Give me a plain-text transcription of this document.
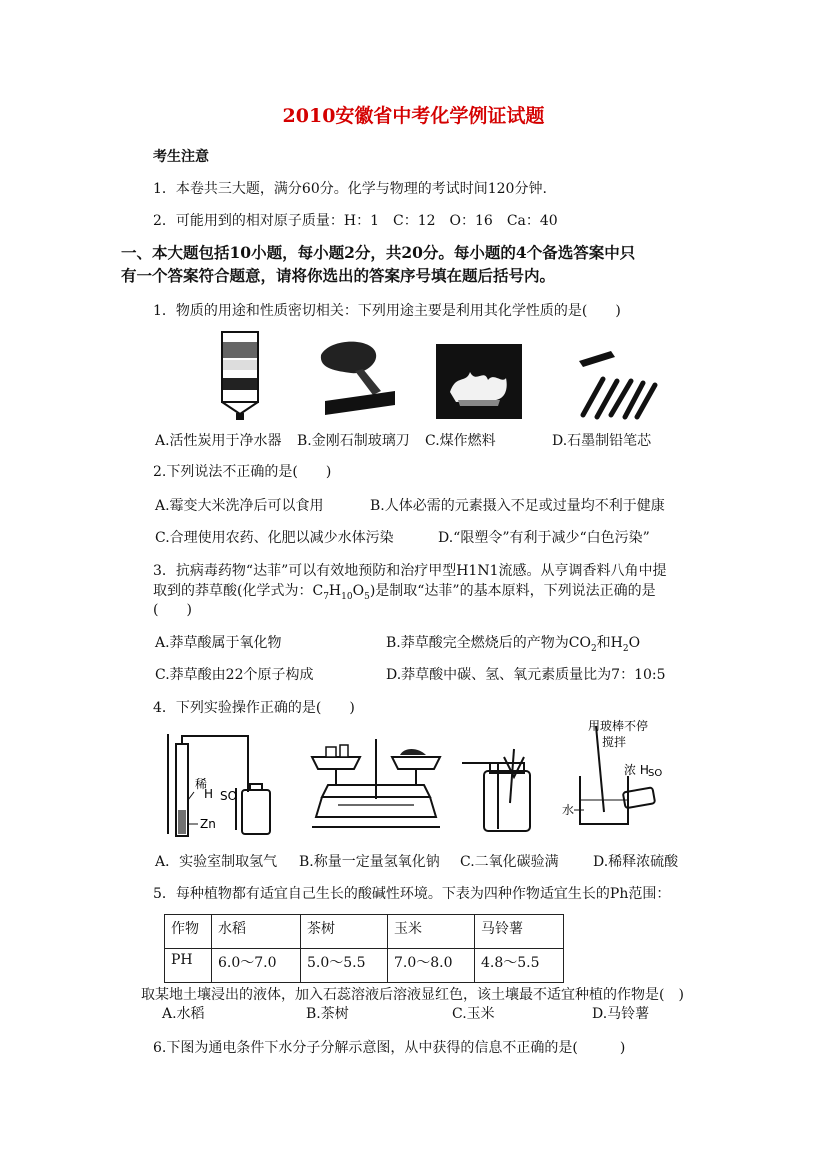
2010安徽省中考化学例证试题
考生注意
1．本卷共三大题，满分60分。化学与物理的考试时间120分钟.
2．可能用到的相对原子质量：H：1　C：12　O：16　Ca：40
一、本大题包括10小题，每小题2分，共20分。每小题的4个备选答案中只
有一个答案符合题意，请将你选出的答案序号填在题后括号内。
1．物质的用途和性质密切相关：下列用途主要是利用其化学性质的是(　　)
A.活性炭用于净水器 B.金刚石制玻璃刀 C.煤作燃料	D.石墨制铅笔芯
2.下列说法不正确的是(　　)
A.霉变大米洗净后可以食用	B.人体必需的元素摄入不足或过量均不利于健康
C.合理使用农药、化肥以减少水体污染	D.“限塑令”有利于减少“白色污染”
3．抗病毒药物“达菲”可以有效地预防和治疗甲型H1N1流感。从亨调香料八角中提
取到的莽草酸(化学式为：$C_7H_{10}O_5$)是制取“达菲”的基本原料，下列说法正确的是
(　　)
A.莽草酸属于氧化物	B.莽草酸完全燃烧后的产物为$CO_2$和$H_2O$
C.莽草酸由22个原子构成	D.莽草酸中碳、氢、氧元素质量比为7：10:5
4．下列实验操作正确的是(　　)
稀
H SO
Zn
用玻棒不停
搅拌
浓 H SO
水
A．实验室制取氢气 B.称量一定量氢氧化钠 C.二氧化碳验满 D.稀释浓硫酸
5．每种植物都有适宜自己生长的酸碱性环境。下表为四种作物适宜生长的Ph范围：
作物	水稻	茶树	玉米	马铃薯
PH	6.0～7.0	5.0～5.5	7.0～8.0	4.8～5.5
取某地土壤浸出的液体，加入石蕊溶液后溶液显红色，该土壤最不适宜种植的作物是(　)
A.水稻	B.茶树	C.玉米	D.马铃薯
6.下图为通电条件下水分子分解示意图，从中获得的信息不正确的是(　　　)
